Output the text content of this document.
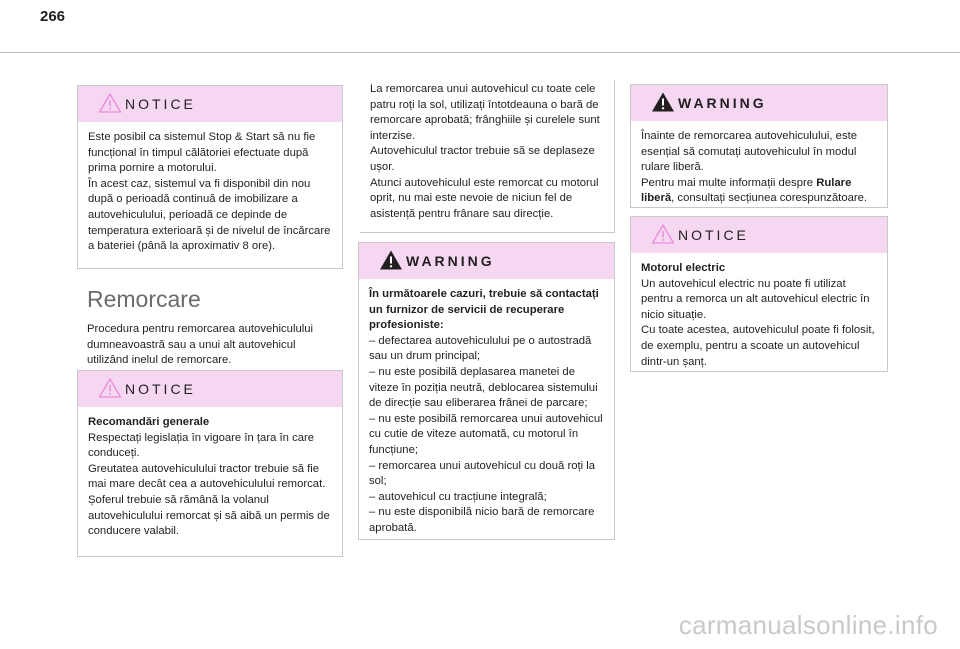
266
NOTICE

Este posibil ca sistemul Stop & Start să nu fie funcțional în timpul călătoriei efectuate după prima pornire a motorului.

În acest caz, sistemul va fi disponibil din nou după o perioadă continuă de imobilizare a autovehiculului, perioadă ce depinde de temperatura exterioară și de nivelul de încărcare a bateriei (până la aproximativ 8 ore).

Remorcare

Procedura pentru remorcarea autovehiculului dumneavoastră sau a unui alt autovehicul utilizând inelul de remorcare.

NOTICE

Recomandări generale

Respectați legislația în vigoare în țara în care conduceți.

Greutatea autovehiculului tractor trebuie să fie mai mare decât cea a autovehiculului remorcat.

Șoferul trebuie să rămână la volanul autovehiculului remorcat și să aibă un permis de conducere valabil.

La remorcarea unui autovehicul cu toate cele patru roți la sol, utilizați întotdeauna o bară de remorcare aprobată; frânghiile și curelele sunt interzise.

Autovehiculul tractor trebuie să se deplaseze ușor.

Atunci autovehiculul este remorcat cu motorul oprit, nu mai este nevoie de niciun fel de asistență pentru frânare sau direcție.

WARNING

În următoarele cazuri, trebuie să contactați un furnizor de servicii de recuperare profesioniste:

– defectarea autovehiculului pe o autostradă sau un drum principal;

– nu este posibilă deplasarea manetei de viteze în poziția neutră, deblocarea sistemului de direcție sau eliberarea frânei de parcare;

– nu este posibilă remorcarea unui autovehicul cu cutie de viteze automată, cu motorul în funcțiune;

– remorcarea unui autovehicul cu două roți la sol;

– autovehicul cu tracțiune integrală;

– nu este disponibilă nicio bară de remorcare aprobată.

WARNING

Înainte de remorcarea autovehiculului, este esențial să comutați autovehiculul în modul rulare liberă.

Pentru mai multe informații despre Rulare liberă, consultați secțiunea corespunzătoare.

NOTICE

Motorul electric

Un autovehicul electric nu poate fi utilizat pentru a remorca un alt autovehicul electric în nicio situație.

Cu toate acestea, autovehiculul poate fi folosit, de exemplu, pentru a scoate un autovehicul dintr-un șanț.

carmanualsonline.info
